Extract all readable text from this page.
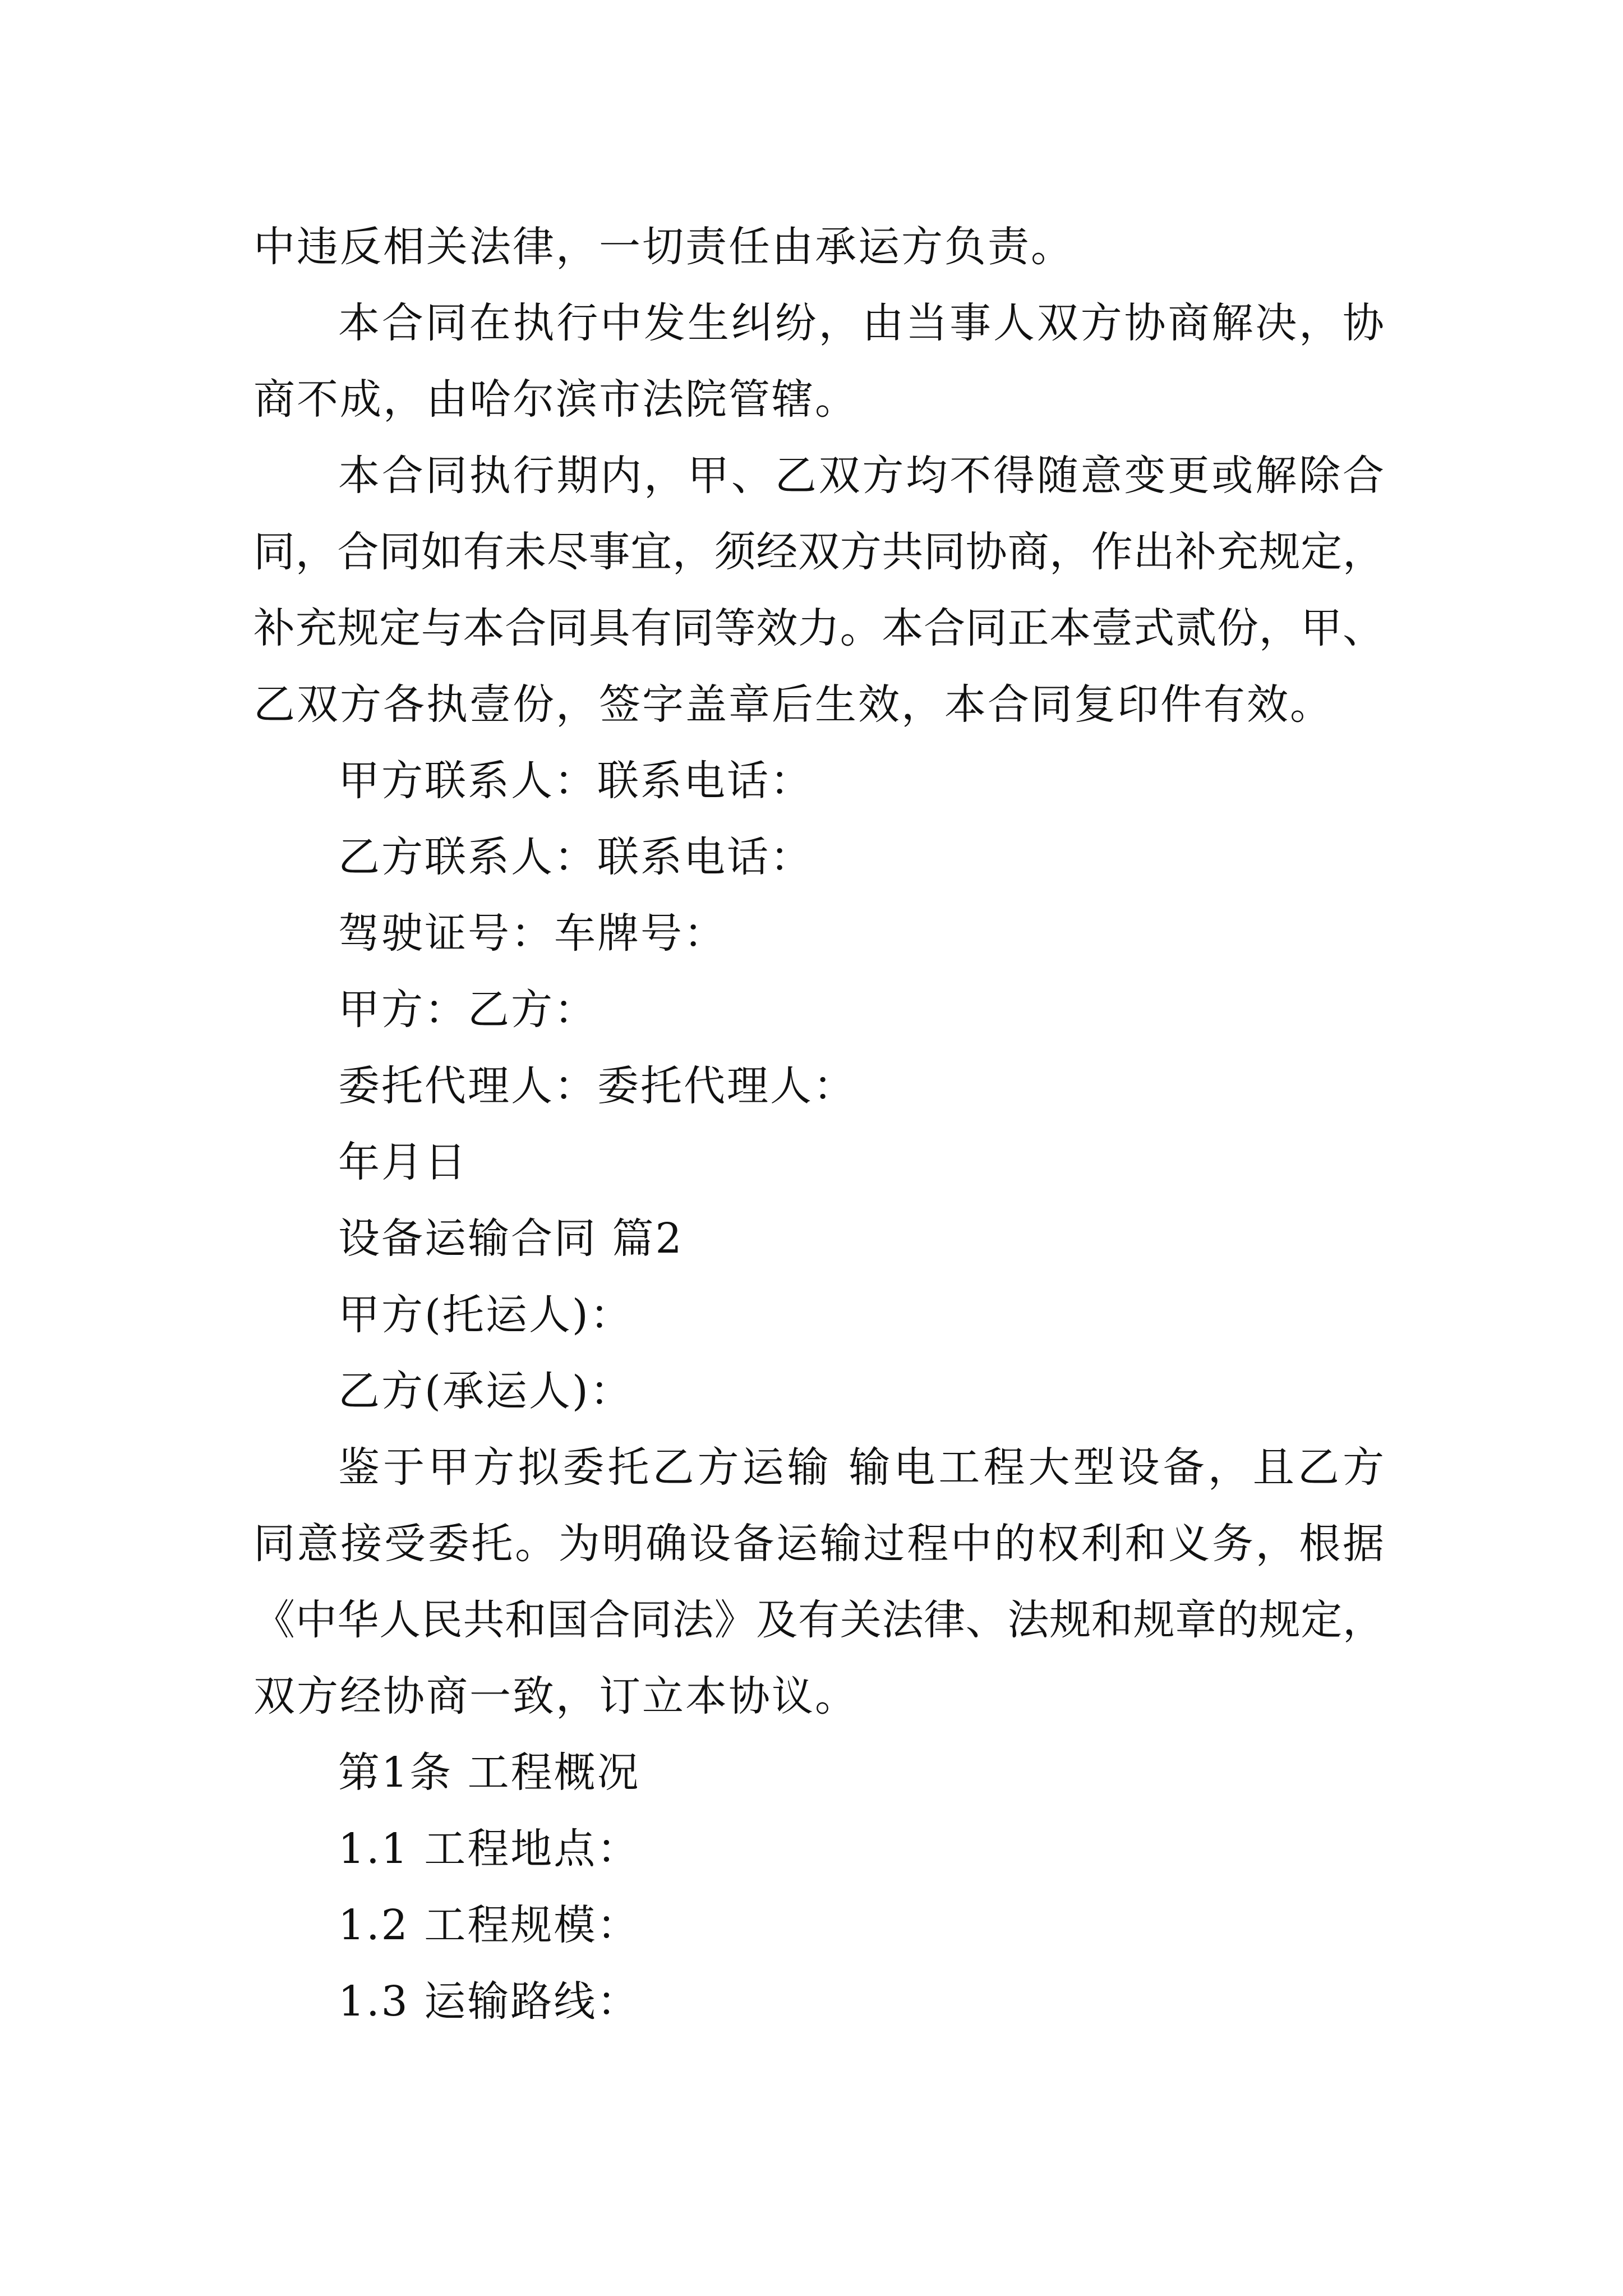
中违反相关法律，一切责任由承运方负责。

本合同在执行中发生纠纷，由当事人双方协商解决，协

商不成，由哈尔滨市法院管辖。

本合同执行期内，甲、乙双方均不得随意变更或解除合

同，合同如有未尽事宜，须经双方共同协商，作出补充规定，

补充规定与本合同具有同等效力。本合同正本壹式贰份，甲、

乙双方各执壹份，签字盖章后生效，本合同复印件有效。

甲方联系人：联系电话：

乙方联系人：联系电话：

驾驶证号：车牌号：

甲方：乙方：

委托代理人：委托代理人：

年月日

设备运输合同 篇2

甲方(托运人)：

乙方(承运人)：

鉴于甲方拟委托乙方运输 输电工程大型设备，且乙方

同意接受委托。为明确设备运输过程中的权利和义务，根据

《中华人民共和国合同法》及有关法律、法规和规章的规定，

双方经协商一致，订立本协议。

第1条 工程概况

1.1 工程地点：

1.2 工程规模：

1.3 运输路线：
